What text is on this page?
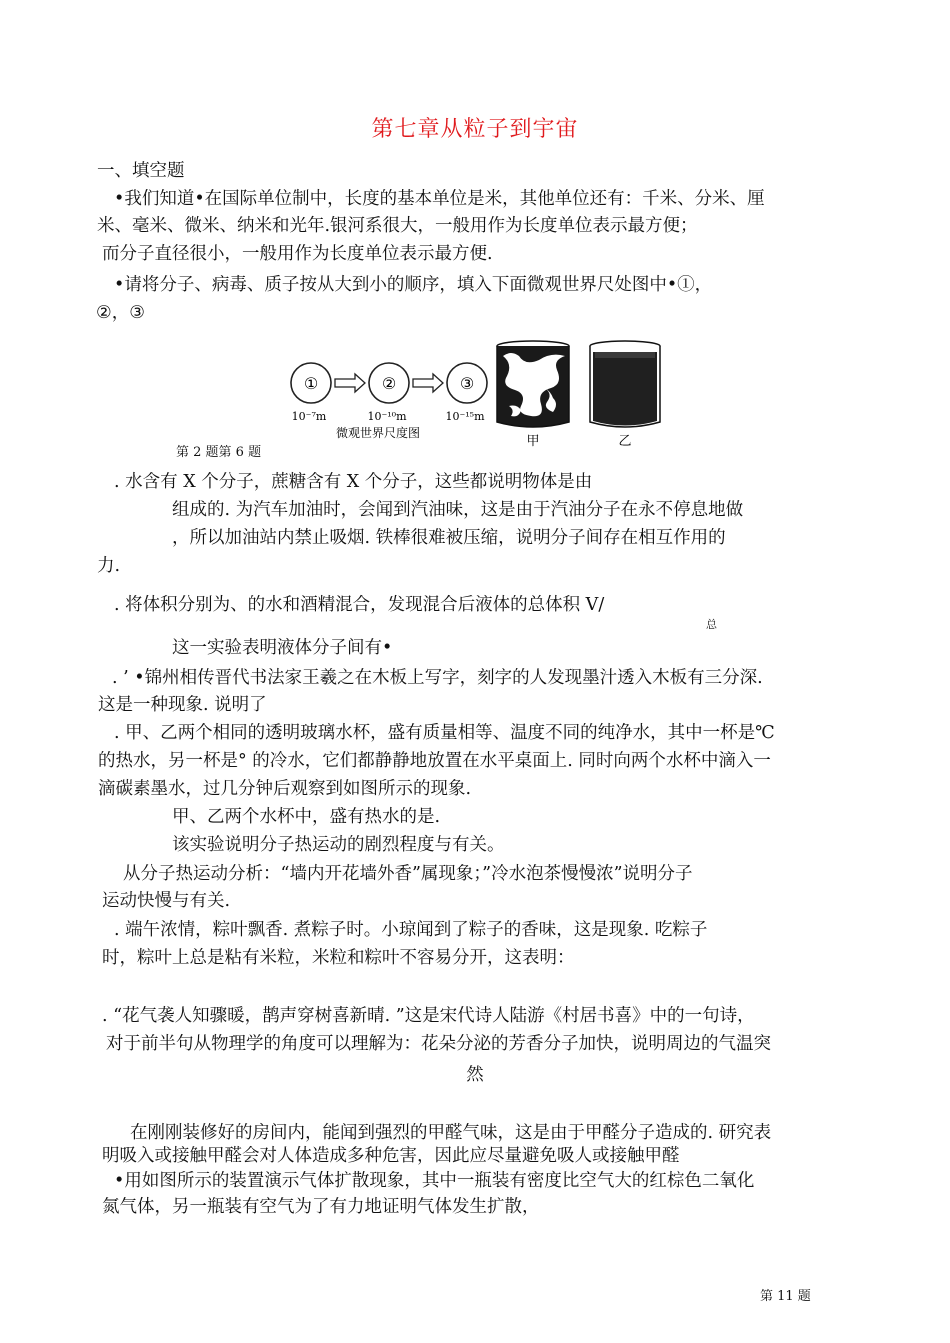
第七章从粒子到宇宙
一、填空题
•我们知道•在国际单位制中，长度的基本单位是米，其他单位还有：千米、分米、厘
米、毫米、微米、纳米和光年.银河系很大，一般用作为长度单位表示最方便；
而分子直径很小，一般用作为长度单位表示最方便.
•请将分子、病毒、质子按从大到小的顺序，填入下面微观世界尺处图中•①，
②，③
①	②	③
10⁻⁷m	10⁻¹⁰m	10⁻¹⁵m
微观世界尺度图
甲	乙
第 2 题第 6 题
. 水含有 X 个分子，蔗糖含有 X 个分子，这些都说明物体是由
组成的. 为汽车加油时，会闻到汽油味，这是由于汽油分子在永不停息地做
，所以加油站内禁止吸烟. 铁棒很难被压缩，说明分子间存在相互作用的
力.
. 将体积分别为、的水和酒精混合，发现混合后液体的总体积 V/
总
这一实验表明液体分子间有•
. ’ •锦州相传晋代书法家王羲之在木板上写字，刻字的人发现墨汁透入木板有三分深.
这是一种现象. 说明了
. 甲、乙两个相同的透明玻璃水杯，盛有质量相等、温度不同的纯净水，其中一杯是℃
的热水，另一杯是° 的冷水，它们都静静地放置在水平桌面上. 同时向两个水杯中滴入一
滴碳素墨水，过几分钟后观察到如图所示的现象.
甲、乙两个水杯中，盛有热水的是.
该实验说明分子热运动的剧烈程度与有关。
从分子热运动分析：“墙内开花墙外香”属现象；”冷水泡茶慢慢浓”说明分子
运动快慢与有关.
. 端午浓情，粽叶飘香. 煮粽子时。小琼闻到了粽子的香味，这是现象. 吃粽子
时，粽叶上总是粘有米粒，米粒和粽叶不容易分开，这表明：
. “花气袭人知骤暖，鹊声穿树喜新晴. ”这是宋代诗人陆游《村居书喜》中的一句诗，
对于前半句从物理学的角度可以理解为：花朵分泌的芳香分子加快，说明周边的气温突
然
在刚刚装修好的房间内，能闻到强烈的甲醛气味，这是由于甲醛分子造成的. 研究表
明吸入或接触甲醛会对人体造成多种危害，因此应尽量避免吸人或接触甲醛
•用如图所示的装置演示气体扩散现象，其中一瓶装有密度比空气大的红棕色二氧化
氮气体，另一瓶装有空气为了有力地证明气体发生扩散，
第 11 题
